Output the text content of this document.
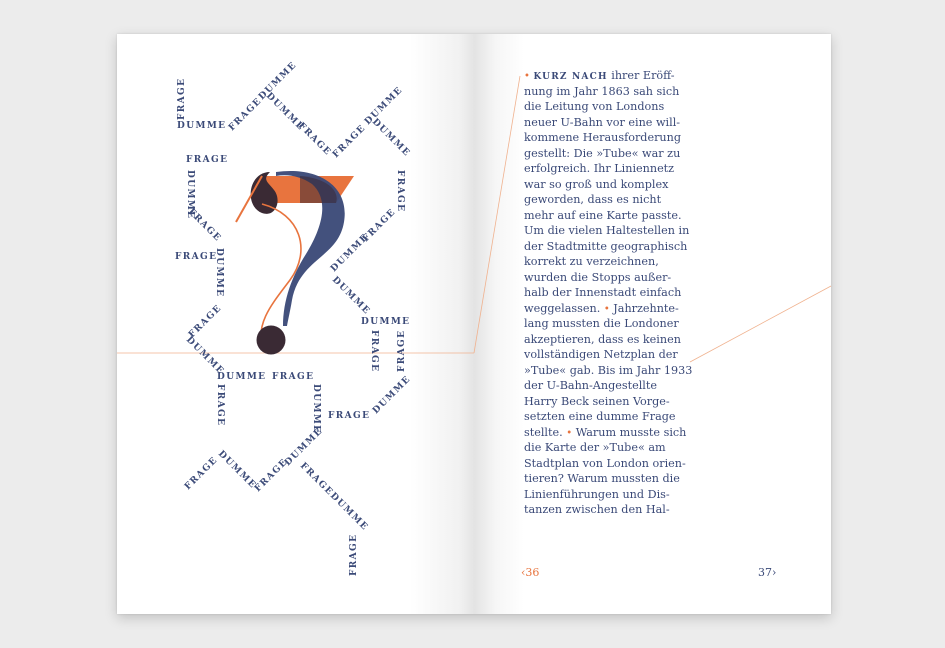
FRAGE
DUMME FRAGE
DUMME
DUMME
FRAGE
FRAGE
DUMME
DUMME
FRAGE
FRAGE
DUMME
FRAGE
FRAGE
DUMME	DUMME
FRAGE
DUMME
FRAGE
DUMME
DUMME
FRAGE FRAGE
DUMME FRAGE
FRAGE	DUMME FRAGE DUMME
FRAGE
DUMME
FRAGE
DUMME
FRAGE
DUMME
FRAGE
• KURZ NACH ihrer Eröff-
nung im Jahr 1863 sah sich
die Leitung von Londons
neuer U-Bahn vor eine will-
kommene Herausforderung
gestellt: Die »Tube« war zu
erfolgreich. Ihr Liniennetz
war so groß und komplex
geworden, dass es nicht
mehr auf eine Karte passte.
Um die vielen Haltestellen in
der Stadtmitte geographisch
korrekt zu verzeichnen,
wurden die Stopps außer-
halb der Innenstadt einfach
weggelassen. • Jahrzehnte-
lang mussten die Londoner
akzeptieren, dass es keinen
vollständigen Netzplan der
»Tube« gab. Bis im Jahr 1933
der U-Bahn-Angestellte
Harry Beck seinen Vorge-
setzten eine dumme Frage
stellte. • Warum musste sich
die Karte der »Tube« am
Stadtplan von London orien-
tieren? Warum mussten die
Linienführungen und Dis-
tanzen zwischen den Hal-
‹36	37›
